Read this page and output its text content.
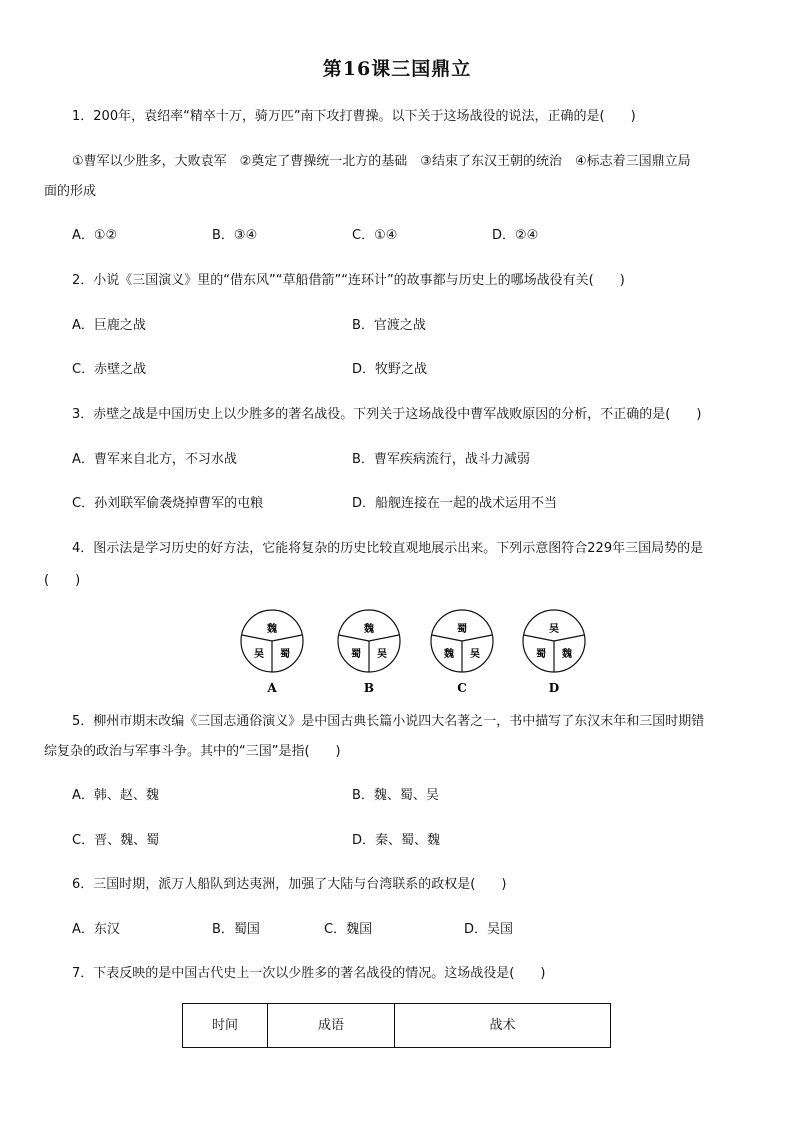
第16课三国鼎立
1．200年，袁绍率“精卒十万，骑万匹”南下攻打曹操。以下关于这场战役的说法，正确的是(　　)
①曹军以少胜多，大败袁军　②奠定了曹操统一北方的基础　③结束了东汉王朝的统治　④标志着三国鼎立局
面的形成
A．①②	B．③④	C．①④	D．②④
2．小说《三国演义》里的“借东风”“草船借箭”“连环计”的故事都与历史上的哪场战役有关(　　)
A．巨鹿之战	B．官渡之战
C．赤壁之战	D．牧野之战
3．赤壁之战是中国历史上以少胜多的著名战役。下列关于这场战役中曹军战败原因的分析，不正确的是(　　)
A．曹军来自北方，不习水战	B．曹军疾病流行，战斗力减弱
C．孙刘联军偷袭烧掉曹军的屯粮	D．船舰连接在一起的战术运用不当
4．图示法是学习历史的好方法，它能将复杂的历史比较直观地展示出来。下列示意图符合229年三国局势的是
(　　)
魏
吴 蜀
A
魏
蜀 吴
B
蜀
魏 吴
C
吴
蜀 魏
D
5．柳州市期末改编《三国志通俗演义》是中国古典长篇小说四大名著之一，书中描写了东汉末年和三国时期错
综复杂的政治与军事斗争。其中的“三国”是指(　　)
A．韩、赵、魏	B．魏、蜀、吴
C．晋、魏、蜀	D．秦、蜀、魏
6．三国时期，派万人船队到达夷洲，加强了大陆与台湾联系的政权是(　　)
A．东汉	B．蜀国	C．魏国	D．吴国
7．下表反映的是中国古代史上一次以少胜多的著名战役的情况。这场战役是(　　)
时间	成语	战术
